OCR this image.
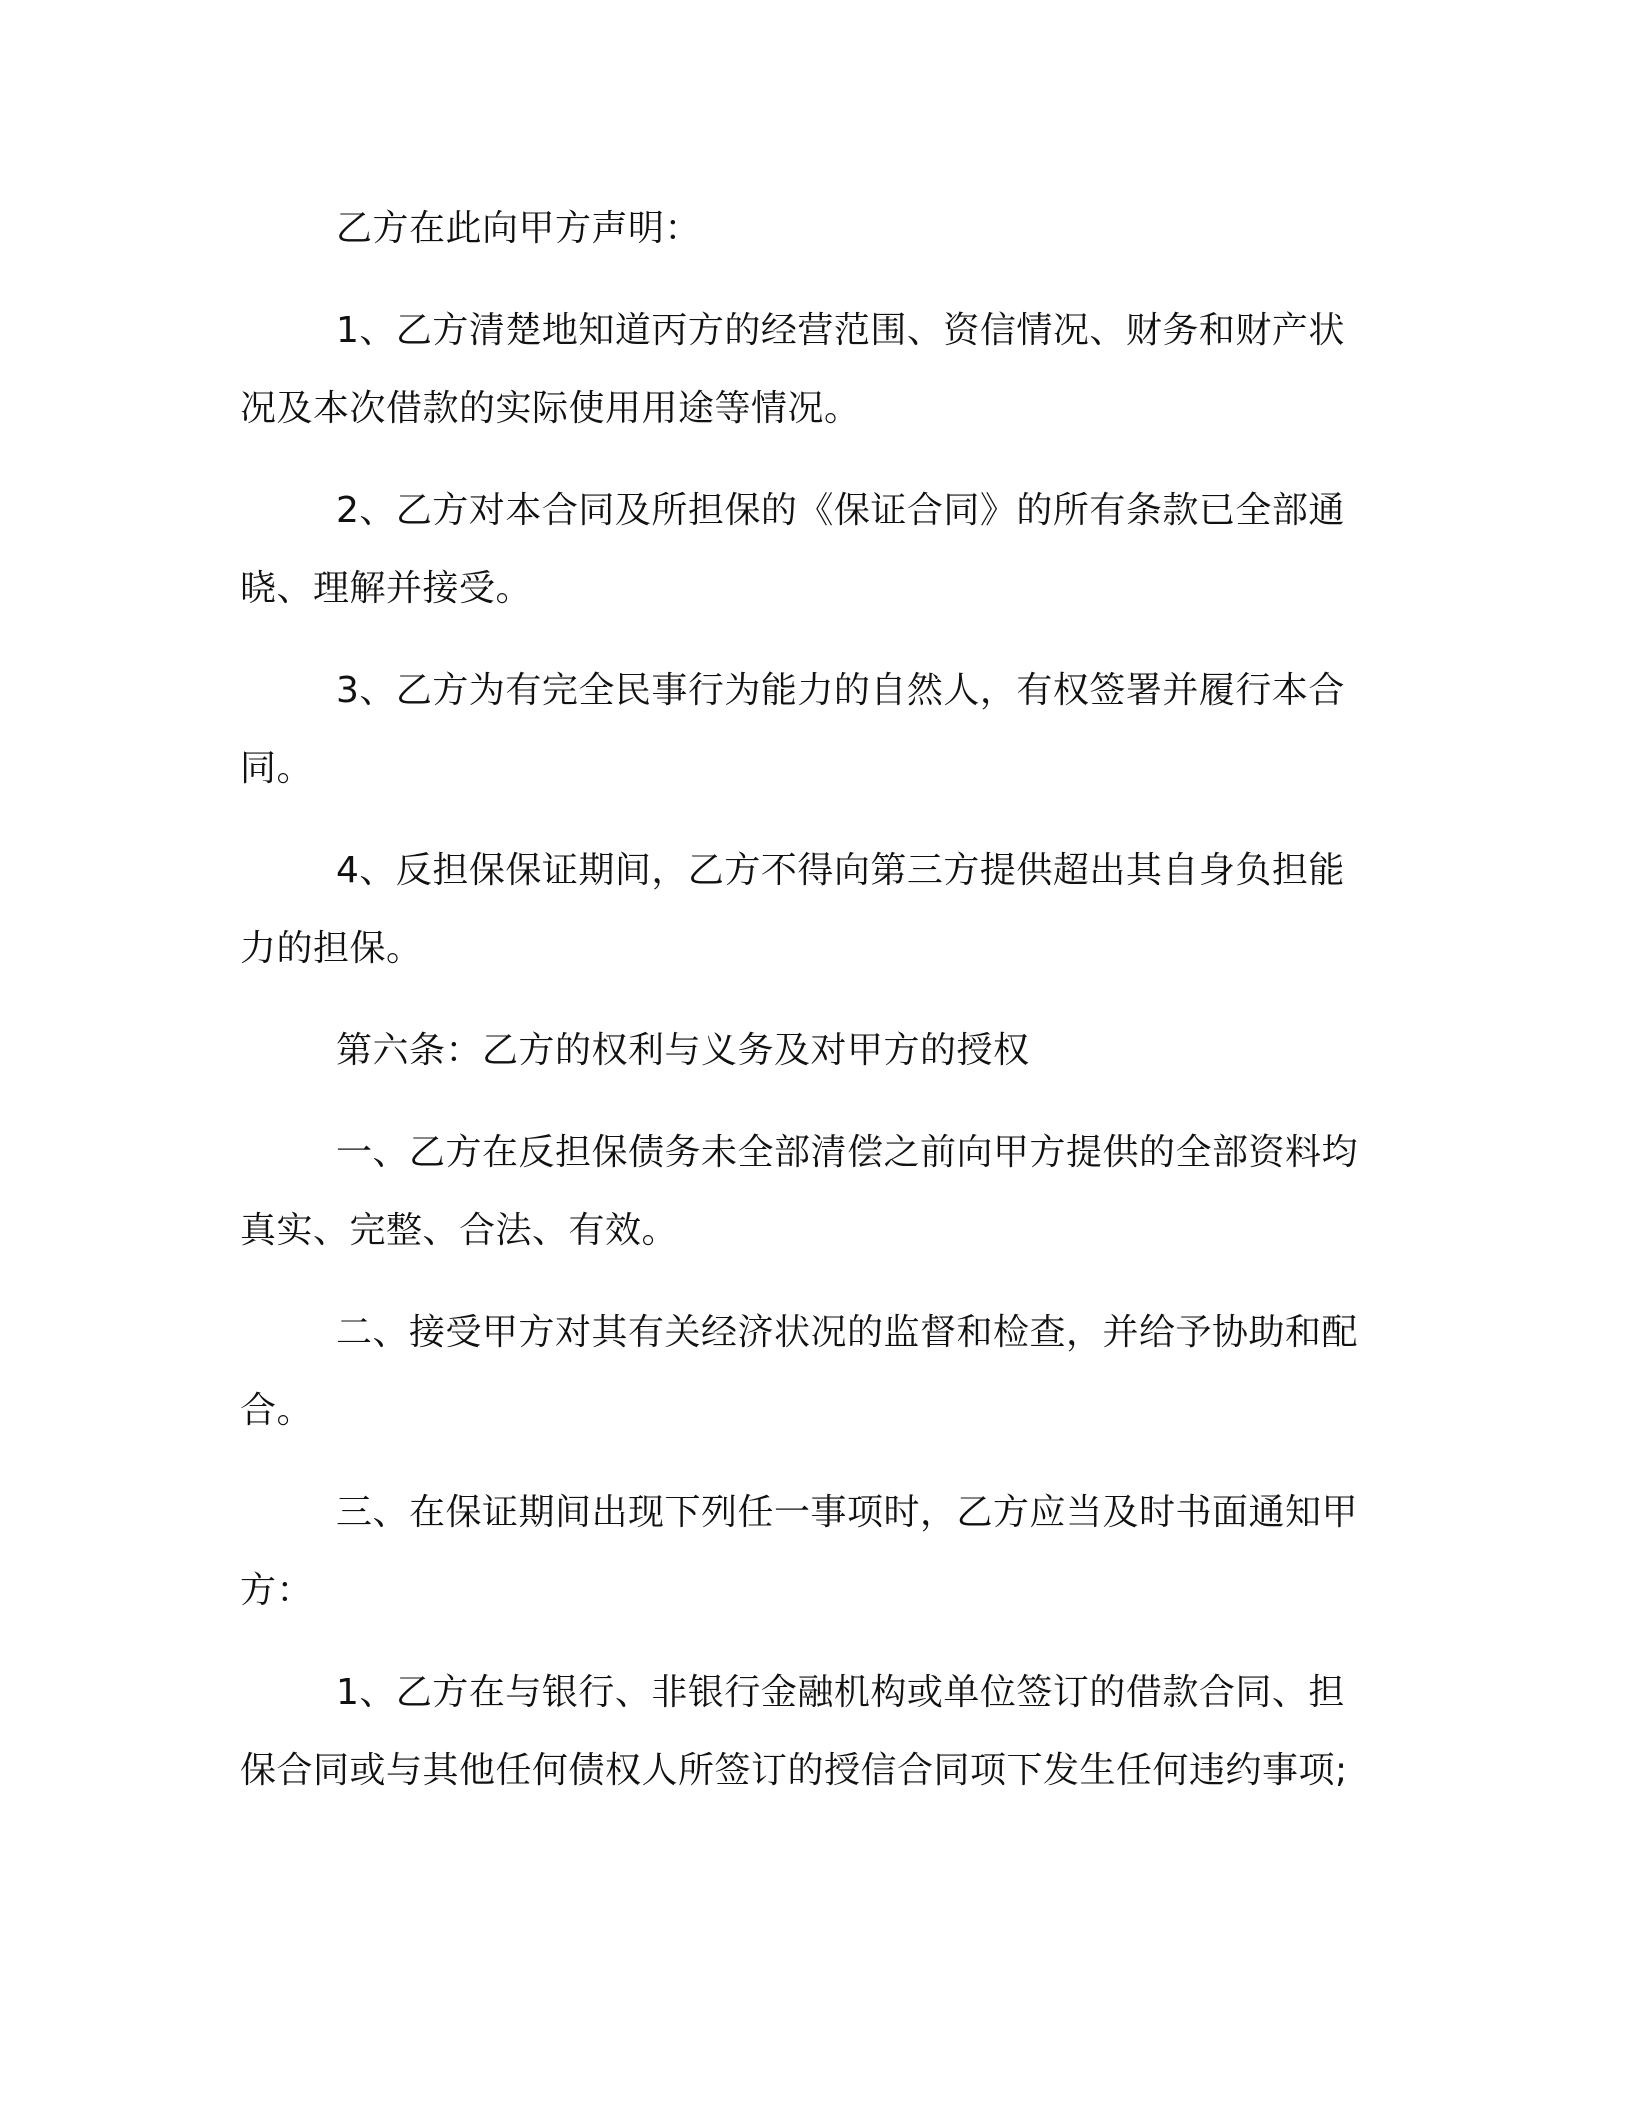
乙方在此向甲方声明：

1、乙方清楚地知道丙方的经营范围、资信情况、财务和财产状况及本次借款的实际使用用途等情况。

2、乙方对本合同及所担保的《保证合同》的所有条款已全部通晓、理解并接受。

3、乙方为有完全民事行为能力的自然人，有权签署并履行本合同。

4、反担保保证期间，乙方不得向第三方提供超出其自身负担能力的担保。

第六条：乙方的权利与义务及对甲方的授权

一、乙方在反担保债务未全部清偿之前向甲方提供的全部资料均真实、完整、合法、有效。

二、接受甲方对其有关经济状况的监督和检查，并给予协助和配合。

三、在保证期间出现下列任一事项时，乙方应当及时书面通知甲方：

1、乙方在与银行、非银行金融机构或单位签订的借款合同、担保合同或与其他任何债权人所签订的授信合同项下发生任何违约事项;
